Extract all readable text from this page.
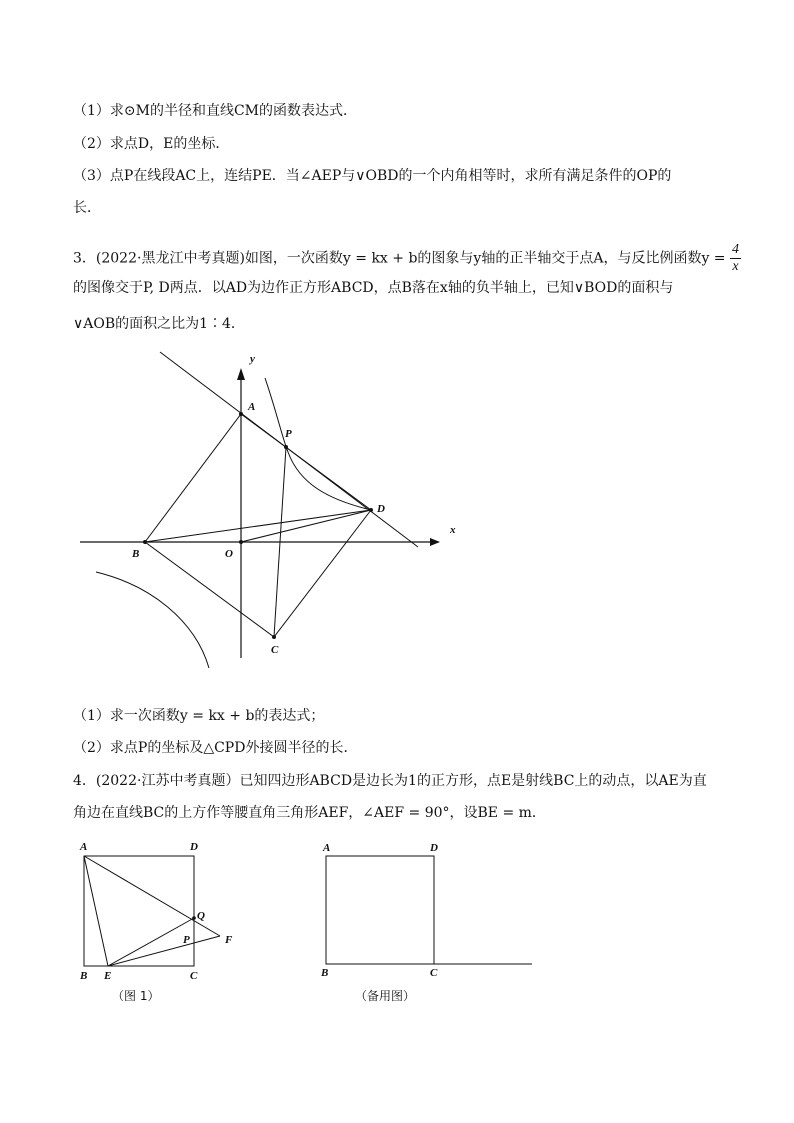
（1）求⊙M的半径和直线CM的函数表达式．
（2）求点D，E的坐标．
（3）点P在线段AC上，连结PE．当∠AEP与∨OBD的一个内角相等时，求所有满足条件的OP的
长．
3．(2022·黑龙江中考真题)如图，一次函数y = kx + b的图象与y轴的正半轴交于点A，与反比例函数$y = \frac{4}{x}$
的图像交于P, D两点．以AD为边作正方形ABCD，点B落在x轴的负半轴上，已知∨BOD的面积与
∨AOB的面积之比为1∶4．
y
x
A
P
D
B	O
C
A	D
Q
P	F
B E	C
（图 1）
A	D
B	C
（备用图）
（1）求一次函数y = kx + b的表达式；
（2）求点P的坐标及△CPD外接圆半径的长．
4．(2022·江苏中考真题）已知四边形ABCD是边长为1的正方形，点E是射线BC上的动点，以AE为直
角边在直线BC的上方作等腰直角三角形AEF，∠AEF = 90°，设BE = m．
